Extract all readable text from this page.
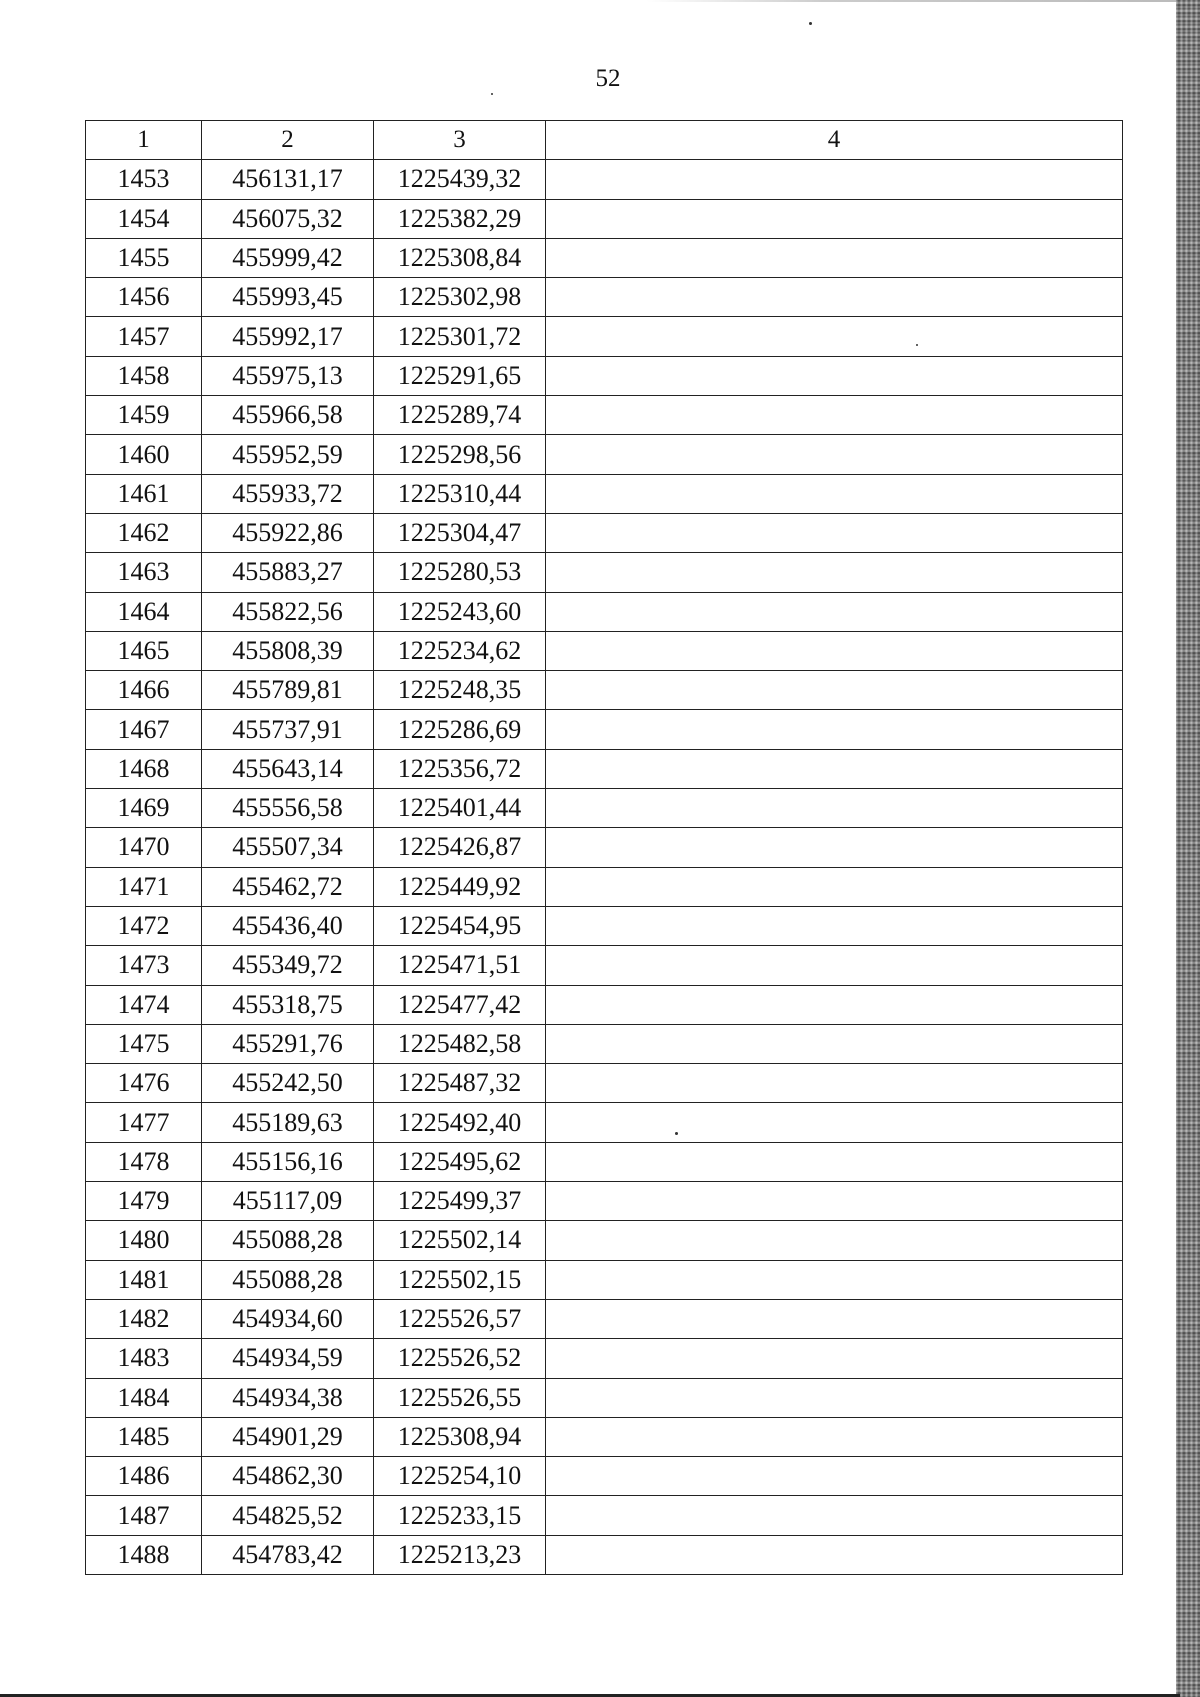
52
1	2	3	4
1453	456131,17	1225439,32	
1454	456075,32	1225382,29	
1455	455999,42	1225308,84	
1456	455993,45	1225302,98	
1457	455992,17	1225301,72	
1458	455975,13	1225291,65	
1459	455966,58	1225289,74	
1460	455952,59	1225298,56	
1461	455933,72	1225310,44	
1462	455922,86	1225304,47	
1463	455883,27	1225280,53	
1464	455822,56	1225243,60	
1465	455808,39	1225234,62	
1466	455789,81	1225248,35	
1467	455737,91	1225286,69	
1468	455643,14	1225356,72	
1469	455556,58	1225401,44	
1470	455507,34	1225426,87	
1471	455462,72	1225449,92	
1472	455436,40	1225454,95	
1473	455349,72	1225471,51	
1474	455318,75	1225477,42	
1475	455291,76	1225482,58	
1476	455242,50	1225487,32	
1477	455189,63	1225492,40	
1478	455156,16	1225495,62	
1479	455117,09	1225499,37	
1480	455088,28	1225502,14	
1481	455088,28	1225502,15	
1482	454934,60	1225526,57	
1483	454934,59	1225526,52	
1484	454934,38	1225526,55	
1485	454901,29	1225308,94	
1486	454862,30	1225254,10	
1487	454825,52	1225233,15	
1488	454783,42	1225213,23	
